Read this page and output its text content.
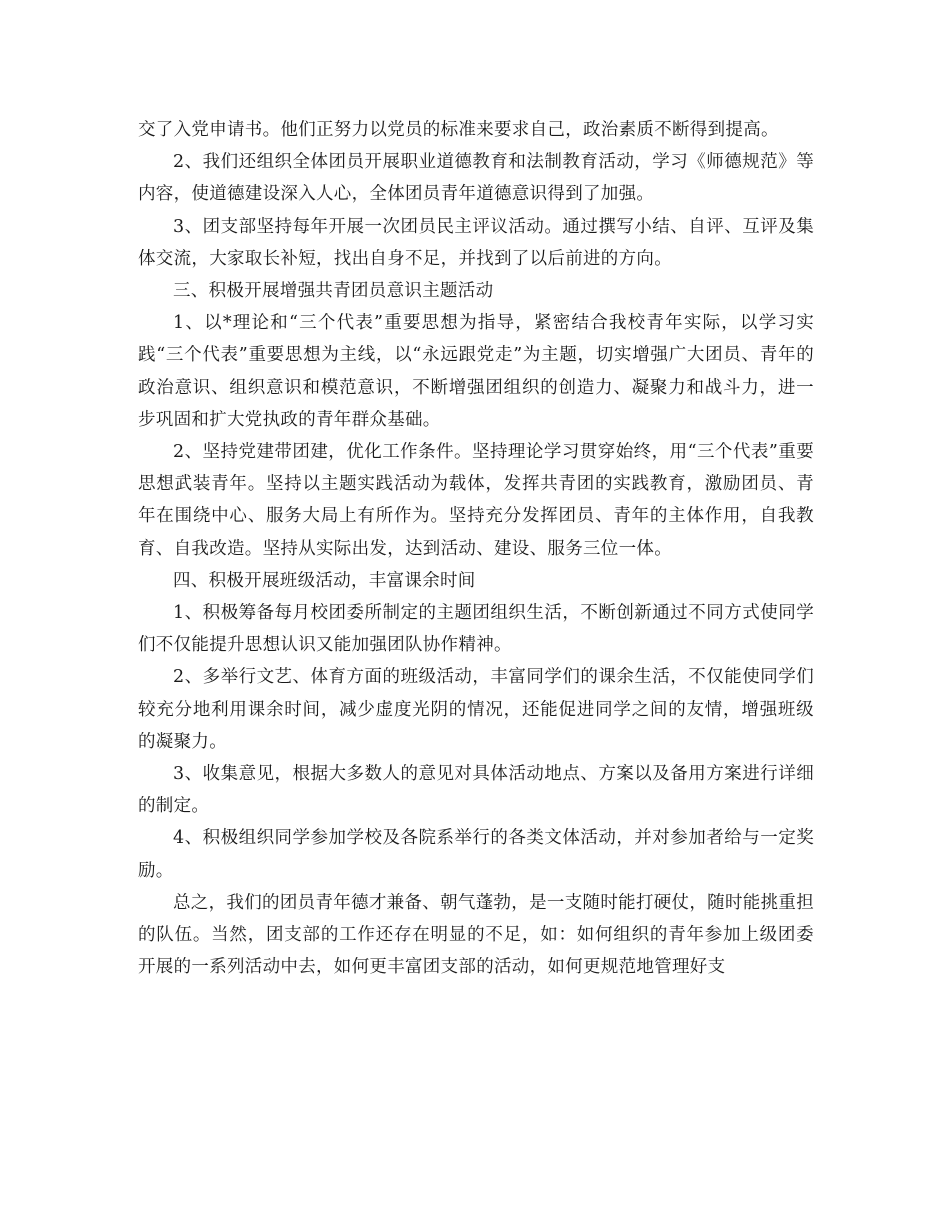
交了入党申请书。他们正努力以党员的标准来要求自己，政治素质不断得到提高。

2、我们还组织全体团员开展职业道德教育和法制教育活动，学习《师德规范》等内容，使道德建设深入人心，全体团员青年道德意识得到了加强。

3、团支部坚持每年开展一次团员民主评议活动。通过撰写小结、自评、互评及集体交流，大家取长补短，找出自身不足，并找到了以后前进的方向。

三、积极开展增强共青团员意识主题活动

1、以*理论和“三个代表”重要思想为指导，紧密结合我校青年实际，以学习实践“三个代表”重要思想为主线，以“永远跟党走”为主题，切实增强广大团员、青年的政治意识、组织意识和模范意识，不断增强团组织的创造力、凝聚力和战斗力，进一步巩固和扩大党执政的青年群众基础。

2、坚持党建带团建，优化工作条件。坚持理论学习贯穿始终，用“三个代表”重要思想武装青年。坚持以主题实践活动为载体，发挥共青团的实践教育，激励团员、青年在围绕中心、服务大局上有所作为。坚持充分发挥团员、青年的主体作用，自我教育、自我改造。坚持从实际出发，达到活动、建设、服务三位一体。

四、积极开展班级活动，丰富课余时间

1、积极筹备每月校团委所制定的主题团组织生活，不断创新通过不同方式使同学们不仅能提升思想认识又能加强团队协作精神。

2、多举行文艺、体育方面的班级活动，丰富同学们的课余生活，不仅能使同学们较充分地利用课余时间，减少虚度光阴的情况，还能促进同学之间的友情，增强班级的凝聚力。

3、收集意见，根据大多数人的意见对具体活动地点、方案以及备用方案进行详细的制定。

4、积极组织同学参加学校及各院系举行的各类文体活动，并对参加者给与一定奖励。

总之，我们的团员青年德才兼备、朝气蓬勃，是一支随时能打硬仗，随时能挑重担的队伍。当然，团支部的工作还存在明显的不足，如：如何组织的青年参加上级团委开展的一系列活动中去，如何更丰富团支部的活动，如何更规范地管理好支
